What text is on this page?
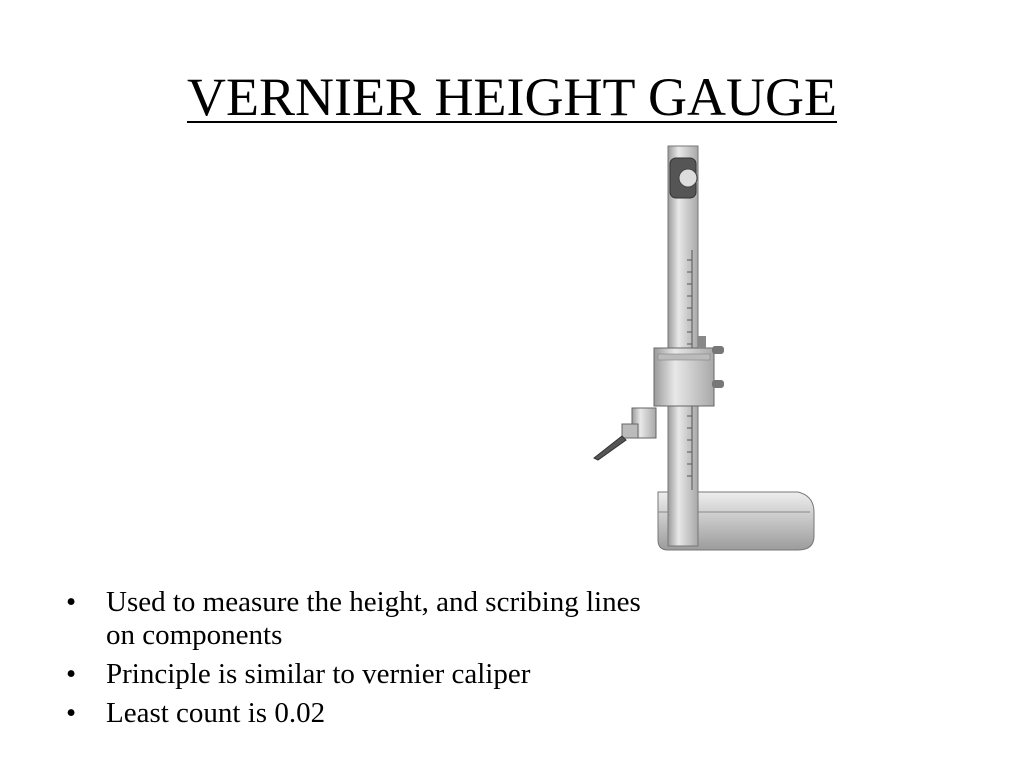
VERNIER HEIGHT GAUGE
• Used to measure the height, and scribing lines
on components
• Principle is similar to vernier caliper
• Least count is 0.02
